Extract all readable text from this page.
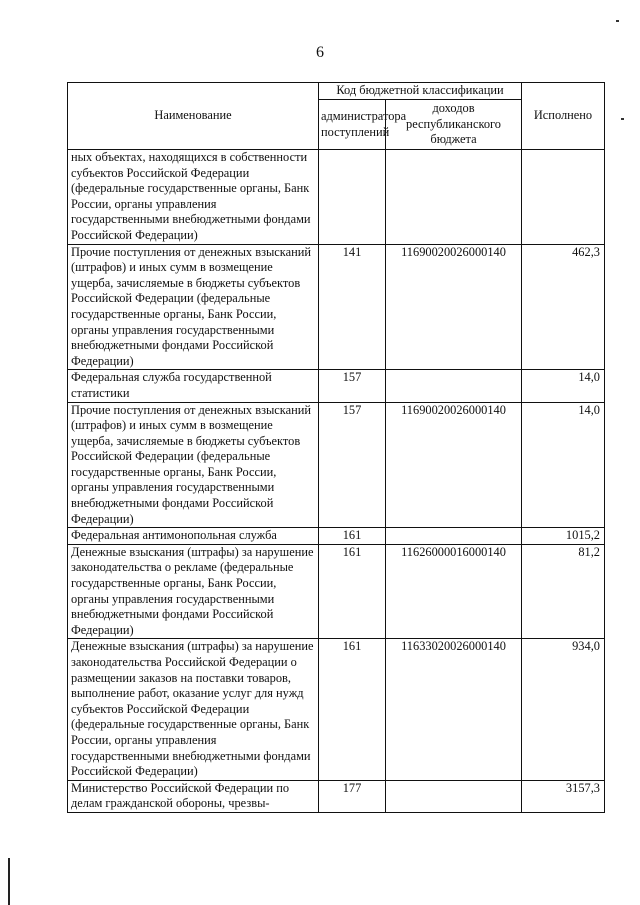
6
Наименование	Код бюджетной классификации		Исполнено
	администратора поступлений	доходов республиканского бюджета	
ных объектах, находящихся в собственности субъектов Российской Федерации (федеральные государственные органы, Банк России, органы управления государственными внебюджетными фондами Российской Федерации)			
Прочие поступления от денежных взысканий (штрафов) и иных сумм в возмещение ущерба, зачисляемые в бюджеты субъектов Российской Федерации (федеральные государственные органы, Банк России, органы управления государственными внебюджетными фондами Российской Федерации)	141	11690020026000140	462,3
Федеральная служба государственной статистики	157		14,0
Прочие поступления от денежных взысканий (штрафов) и иных сумм в возмещение ущерба, зачисляемые в бюджеты субъектов Российской Федерации (федеральные государственные органы, Банк России, органы управления государственными внебюджетными фондами Российской Федерации)	157	11690020026000140	14,0
Федеральная антимонопольная служба	161		1015,2
Денежные взыскания (штрафы) за нарушение законодательства о рекламе (федеральные государственные органы, Банк России, органы управления государственными внебюджетными фондами Российской Федерации)	161	11626000016000140	81,2
Денежные взыскания (штрафы) за нарушение законодательства Российской Федерации о размещении заказов на поставки товаров, выполнение работ, оказание услуг для нужд субъектов Российской Федерации (федеральные государственные органы, Банк России, органы управления государственными внебюджетными фондами Российской Федерации)	161	11633020026000140	934,0
Министерство Российской Федерации по делам гражданской обороны, чрезвы-	177		3157,3
